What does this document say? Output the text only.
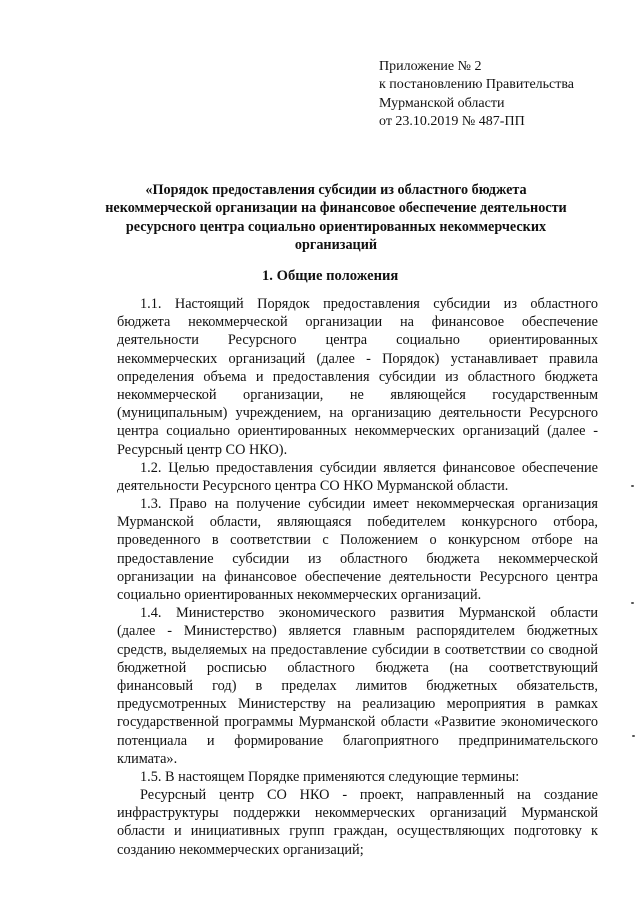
Приложение № 2
к постановлению Правительства
Мурманской области
от 23.10.2019 № 487-ПП
«Порядок предоставления субсидии из областного бюджета
некоммерческой организации на финансовое обеспечение деятельности
ресурсного центра социально ориентированных некоммерческих
организаций
1. Общие положения
1.1. Настоящий Порядок предоставления субсидии из областного
бюджета некоммерческой организации на финансовое обеспечение
деятельности Ресурсного центра социально ориентированных
некоммерческих организаций (далее - Порядок) устанавливает правила
определения объема и предоставления субсидии из областного бюджета
некоммерческой организации, не являющейся государственным
(муниципальным) учреждением, на организацию деятельности Ресурсного
центра социально ориентированных некоммерческих организаций (далее -
Ресурсный центр СО НКО).
1.2. Целью предоставления субсидии является финансовое обеспечение
деятельности Ресурсного центра СО НКО Мурманской области.
1.3. Право на получение субсидии имеет некоммерческая организация
Мурманской области, являющаяся победителем конкурсного отбора,
проведенного в соответствии с Положением о конкурсном отборе на
предоставление субсидии из областного бюджета некоммерческой
организации на финансовое обеспечение деятельности Ресурсного центра
социально ориентированных некоммерческих организаций.
1.4. Министерство экономического развития Мурманской области
(далее - Министерство) является главным распорядителем бюджетных
средств, выделяемых на предоставление субсидии в соответствии со сводной
бюджетной росписью областного бюджета (на соответствующий
финансовый год) в пределах лимитов бюджетных обязательств,
предусмотренных Министерству на реализацию мероприятия в рамках
государственной программы Мурманской области «Развитие экономического
потенциала и формирование благоприятного предпринимательского
климата».
1.5. В настоящем Порядке применяются следующие термины:
Ресурсный центр СО НКО - проект, направленный на создание
инфраструктуры поддержки некоммерческих организаций Мурманской
области и инициативных групп граждан, осуществляющих подготовку к
созданию некоммерческих организаций;
